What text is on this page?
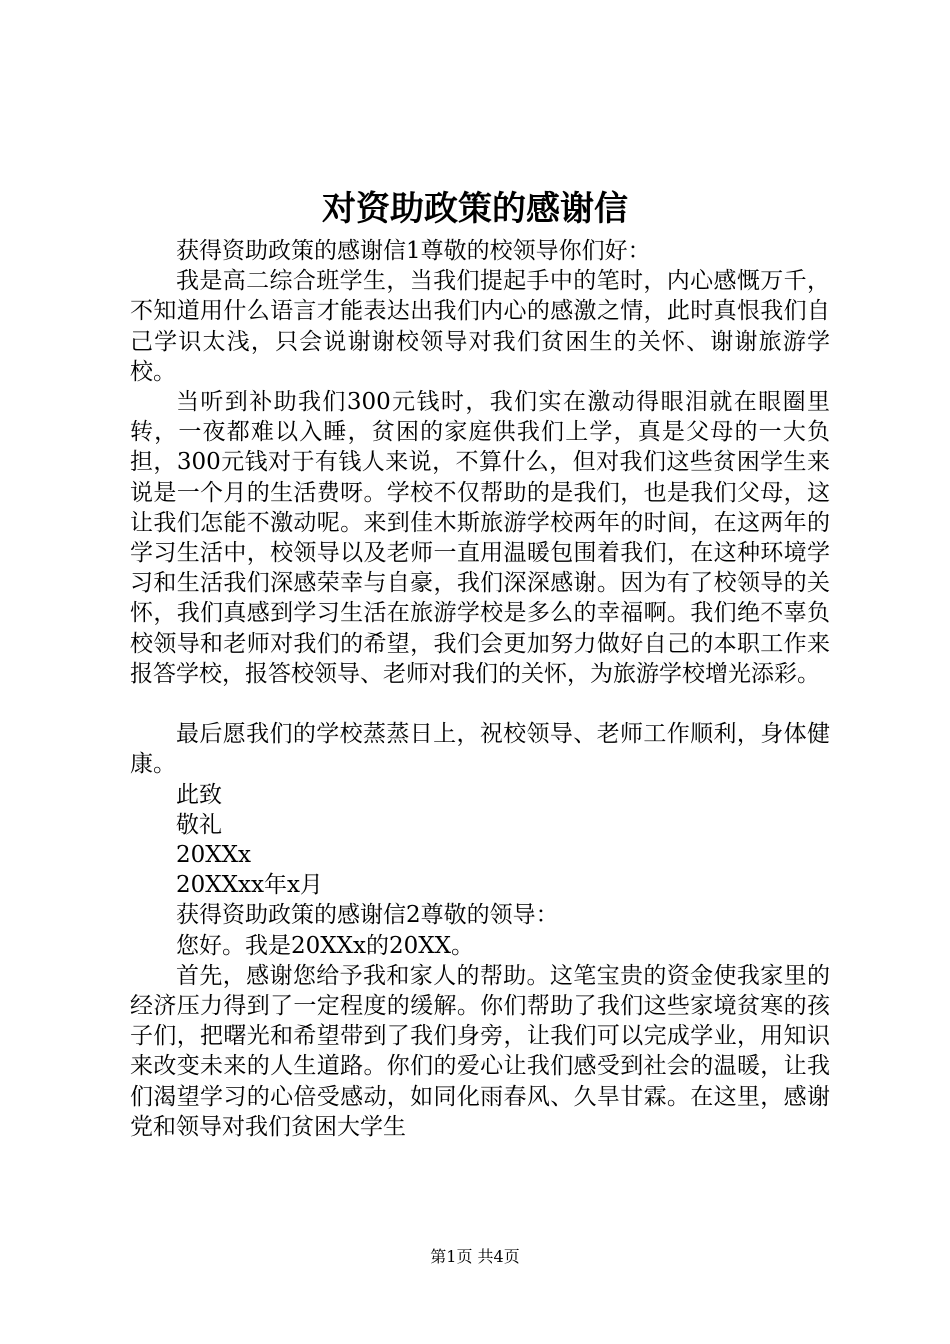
对资助政策的感谢信

获得资助政策的感谢信1尊敬的校领导你们好：

我是高二综合班学生，当我们提起手中的笔时，内心感慨万千，不知道用什么语言才能表达出我们内心的感激之情，此时真恨我们自己学识太浅，只会说谢谢校领导对我们贫困生的关怀、谢谢旅游学校。

当听到补助我们300元钱时，我们实在激动得眼泪就在眼圈里转，一夜都难以入睡，贫困的家庭供我们上学，真是父母的一大负担，300元钱对于有钱人来说，不算什么，但对我们这些贫困学生来说是一个月的生活费呀。学校不仅帮助的是我们，也是我们父母，这让我们怎能不激动呢。来到佳木斯旅游学校两年的时间，在这两年的学习生活中，校领导以及老师一直用温暖包围着我们，在这种环境学习和生活我们深感荣幸与自豪，我们深深感谢。因为有了校领导的关怀，我们真感到学习生活在旅游学校是多么的幸福啊。我们绝不辜负校领导和老师对我们的希望，我们会更加努力做好自己的本职工作来报答学校，报答校领导、老师对我们的关怀，为旅游学校增光添彩。

最后愿我们的学校蒸蒸日上，祝校领导、老师工作顺利，身体健康。

此致

敬礼

20XXx

20XXxx年x月

获得资助政策的感谢信2尊敬的领导：

您好。我是20XXx的20XX。

首先，感谢您给予我和家人的帮助。这笔宝贵的资金使我家里的经济压力得到了一定程度的缓解。你们帮助了我们这些家境贫寒的孩子们，把曙光和希望带到了我们身旁，让我们可以完成学业，用知识来改变未来的人生道路。你们的爱心让我们感受到社会的温暖，让我们渴望学习的心倍受感动，如同化雨春风、久旱甘霖。在这里，感谢党和领导对我们贫困大学生

第1页 共4页
